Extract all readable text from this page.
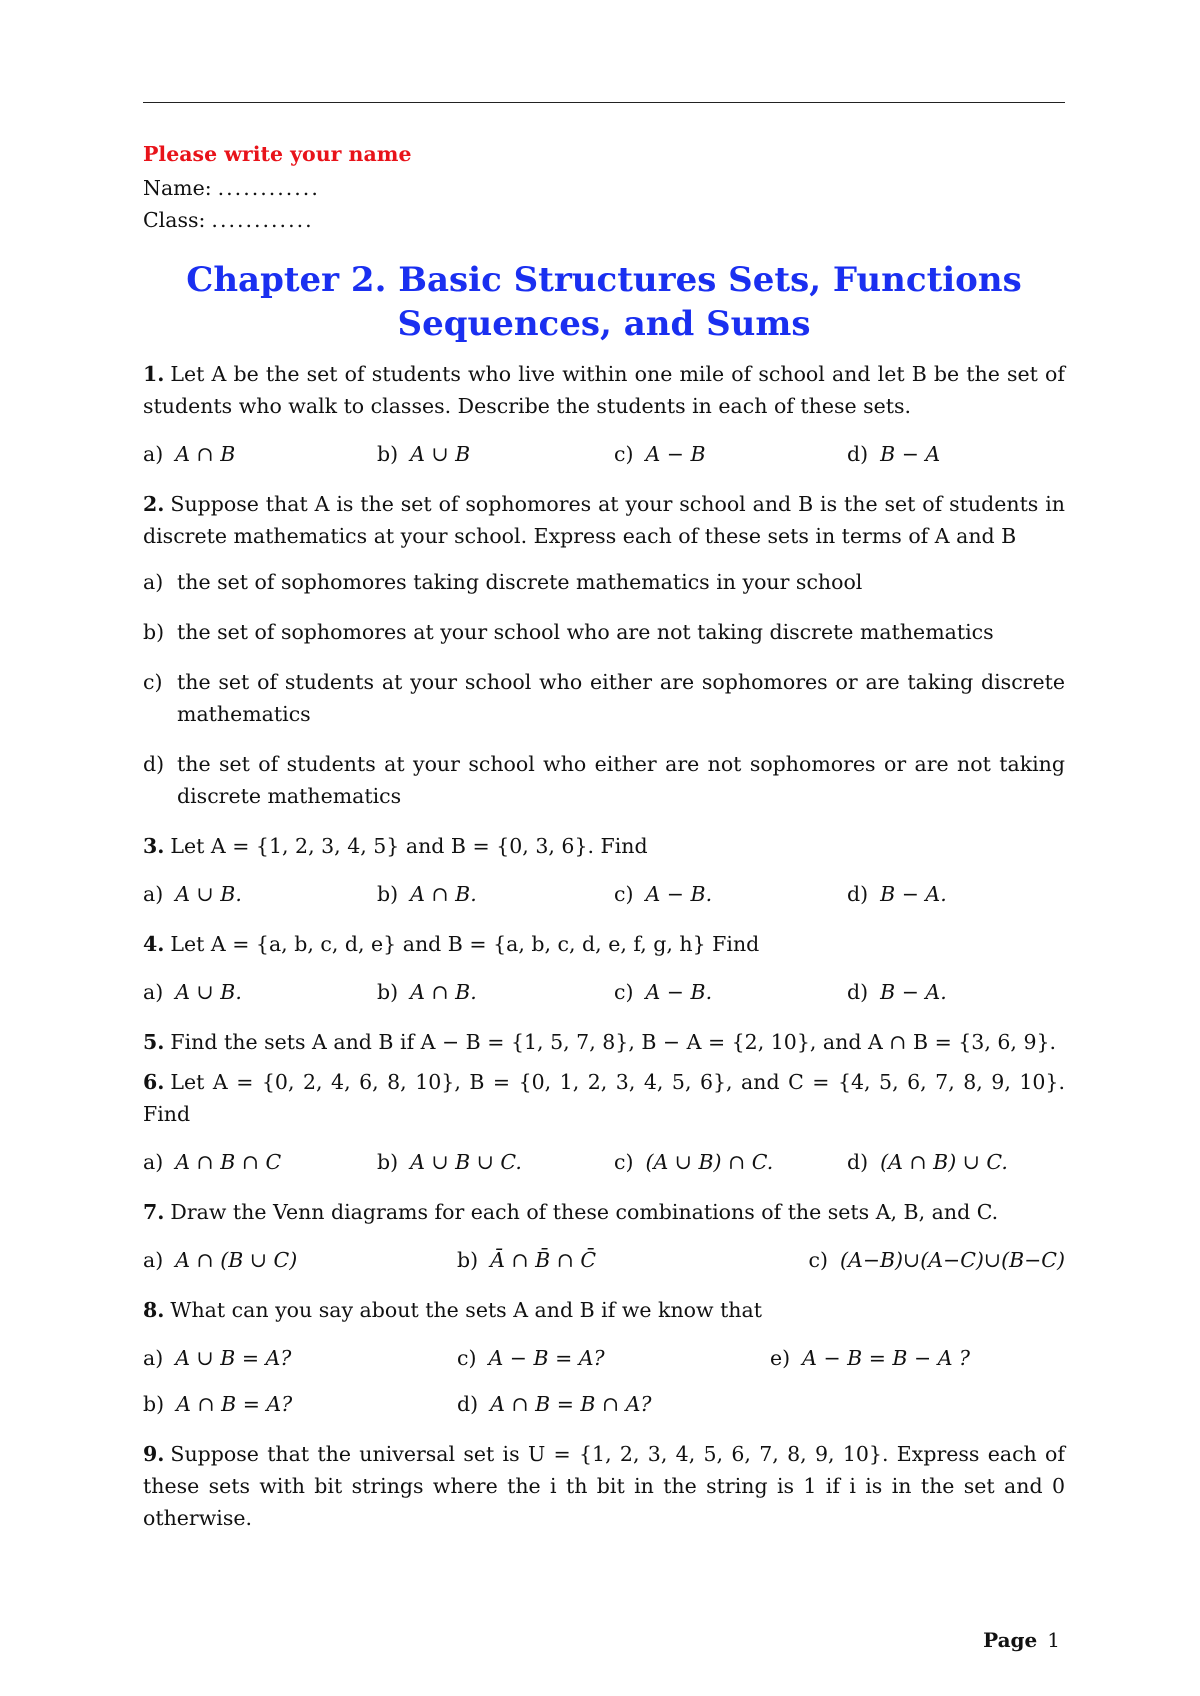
Please write your name

Name: ............

Class: ............

Chapter 2. Basic Structures Sets, Functions
Sequences, and Sums

1. Let A be the set of students who live within one mile of school and let B be the set of students who walk to classes. Describe the students in each of these sets.

a) A ∩ B	b) A ∪ B	c) A − B	d) B − A

2. Suppose that A is the set of sophomores at your school and B is the set of students in discrete mathematics at your school. Express each of these sets in terms of A and B

a) the set of sophomores taking discrete mathematics in your school
b) the set of sophomores at your school who are not taking discrete mathematics
c) the set of students at your school who either are sophomores or are taking discrete mathematics
d) the set of students at your school who either are not sophomores or are not taking discrete mathematics

3. Let A = {1, 2, 3, 4, 5} and B = {0, 3, 6}. Find

a) A ∪ B.	b) A ∩ B.	c) A − B.	d) B − A.

4. Let A = {a, b, c, d, e} and B = {a, b, c, d, e, f, g, h} Find

a) A ∪ B.	b) A ∩ B.	c) A − B.	d) B − A.

5. Find the sets A and B if A − B = {1, 5, 7, 8}, B − A = {2, 10}, and A ∩ B = {3, 6, 9}.

6. Let A = {0, 2, 4, 6, 8, 10}, B = {0, 1, 2, 3, 4, 5, 6}, and C = {4, 5, 6, 7, 8, 9, 10}. Find

a) A ∩ B ∩ C	b) A ∪ B ∪ C.	c) (A ∪ B) ∩ C.	d) (A ∩ B) ∪ C.

7. Draw the Venn diagrams for each of these combinations of the sets A, B, and C.

a) A ∩ (B ∪ C)	b) Ā ∩ B̄ ∩ C̄	c) (A−B)∪(A−C)∪(B−C)

8. What can you say about the sets A and B if we know that

a) A ∪ B = A?	c) A − B = A?	e) A − B = B − A ?
b) A ∩ B = A?	d) A ∩ B = B ∩ A?

9. Suppose that the universal set is U = {1, 2, 3, 4, 5, 6, 7, 8, 9, 10}. Express each of these sets with bit strings where the i th bit in the string is 1 if i is in the set and 0 otherwise.

Page 1
